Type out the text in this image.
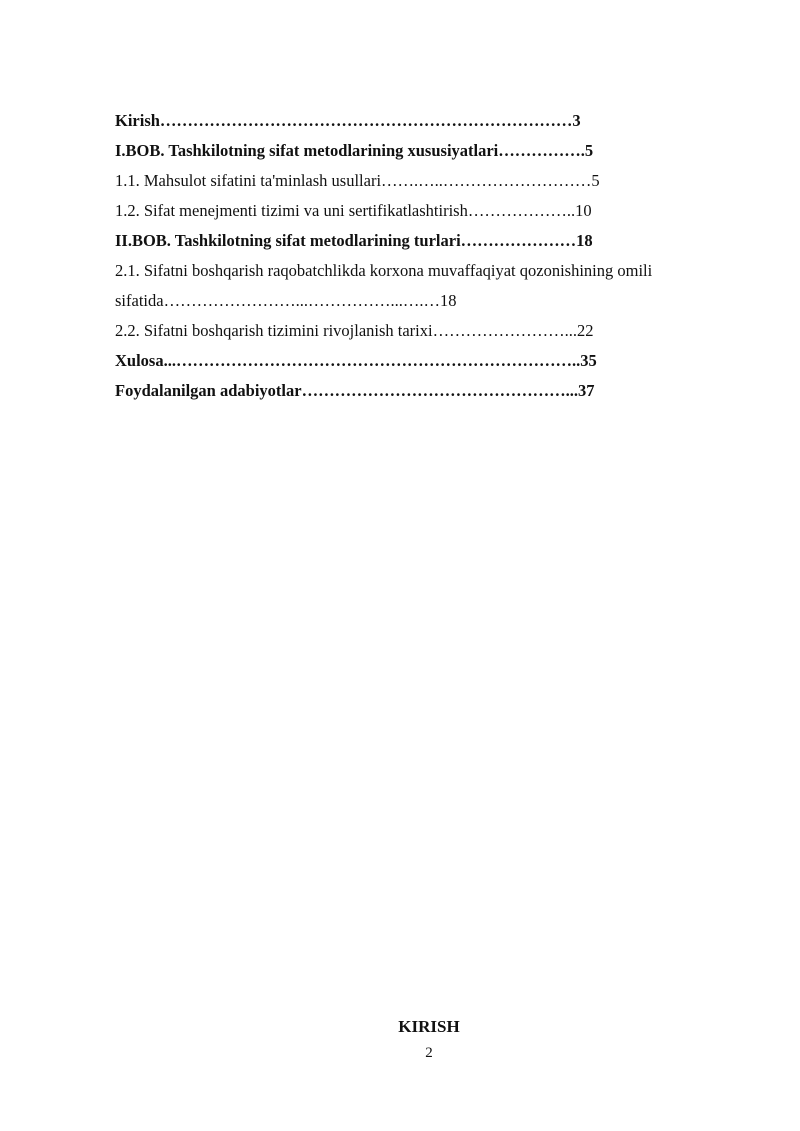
Kirish…………………………………………………………………3
I.BOB. Tashkilotning sifat metodlarining xususiyatlari…………….5
1.1. Mahsulot sifatini ta'minlash usullari…….…..………………………5
1.2. Sifat menejmenti tizimi va uni sertifikatlashtirish………………..10
II.BOB. Tashkilotning sifat metodlarining turlari…………………18
2.1. Sifatni boshqarish raqobatchlikda korxona muvaffaqiyat qozonishining omili sifatida……………………...……………...….…18
2.2. Sifatni boshqarish tizimini rivojlanish tarixi……………………...22
Xulosa...………………………………………………………………..35
Foydalanilgan adabiyotlar…………………………………………...37
KIRISH
2
